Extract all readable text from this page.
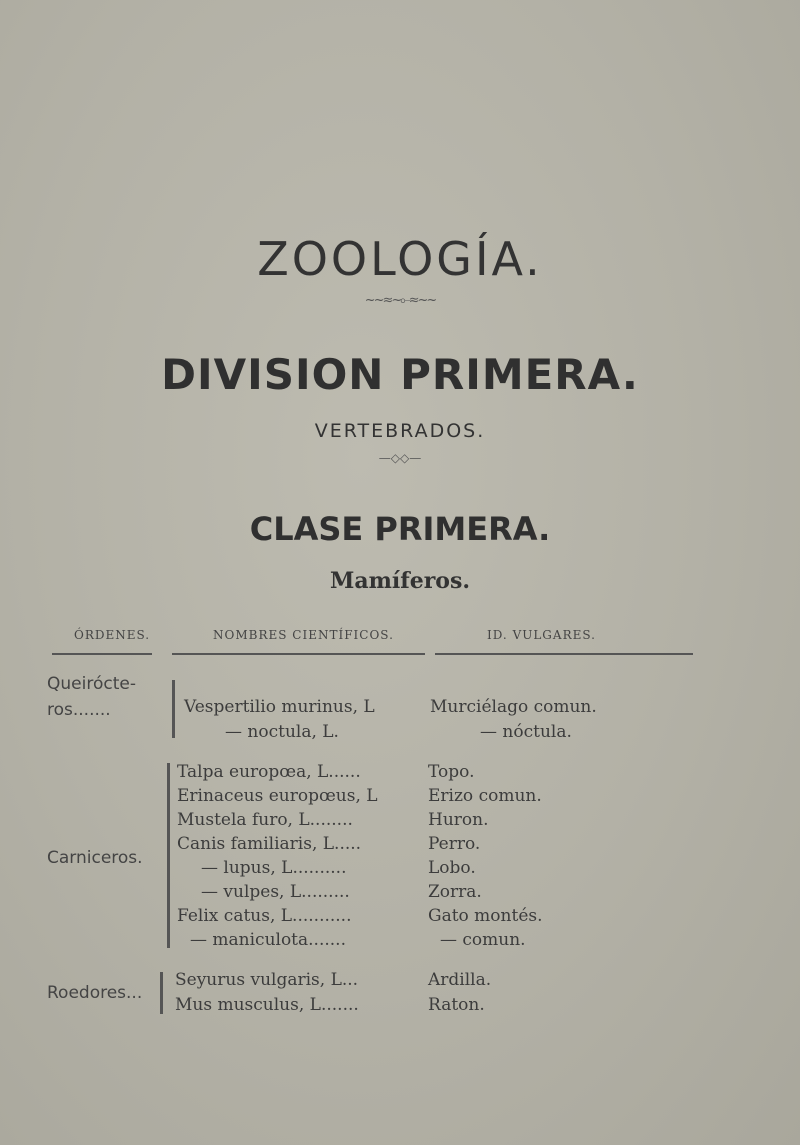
ZOOLOGÍA.
~~≈~⟜≈~~
DIVISION PRIMERA.
VERTEBRADOS.
—◇◇—
CLASE PRIMERA.
Mamíferos.
ÓRDENES.	NOMBRES CIENTÍFICOS.	ID. VULGARES.
Queirócte-
ros.......	Vespertilio murinus, L	Murciélago comun.
— noctula, L.	— nóctula.
Carniceros.
Talpa europœa, L......	Topo.
Erinaceus europœus, L	Erizo comun.
Mustela furo, L........	Huron.
Canis familiaris, L.....	Perro.
— lupus, L..........	Lobo.
— vulpes, L.........	Zorra.
Felix catus, L...........	Gato montés.
— maniculota.......	— comun.
Roedores...
Seyurus vulgaris, L...	Ardilla.
Mus musculus, L.......	Raton.
